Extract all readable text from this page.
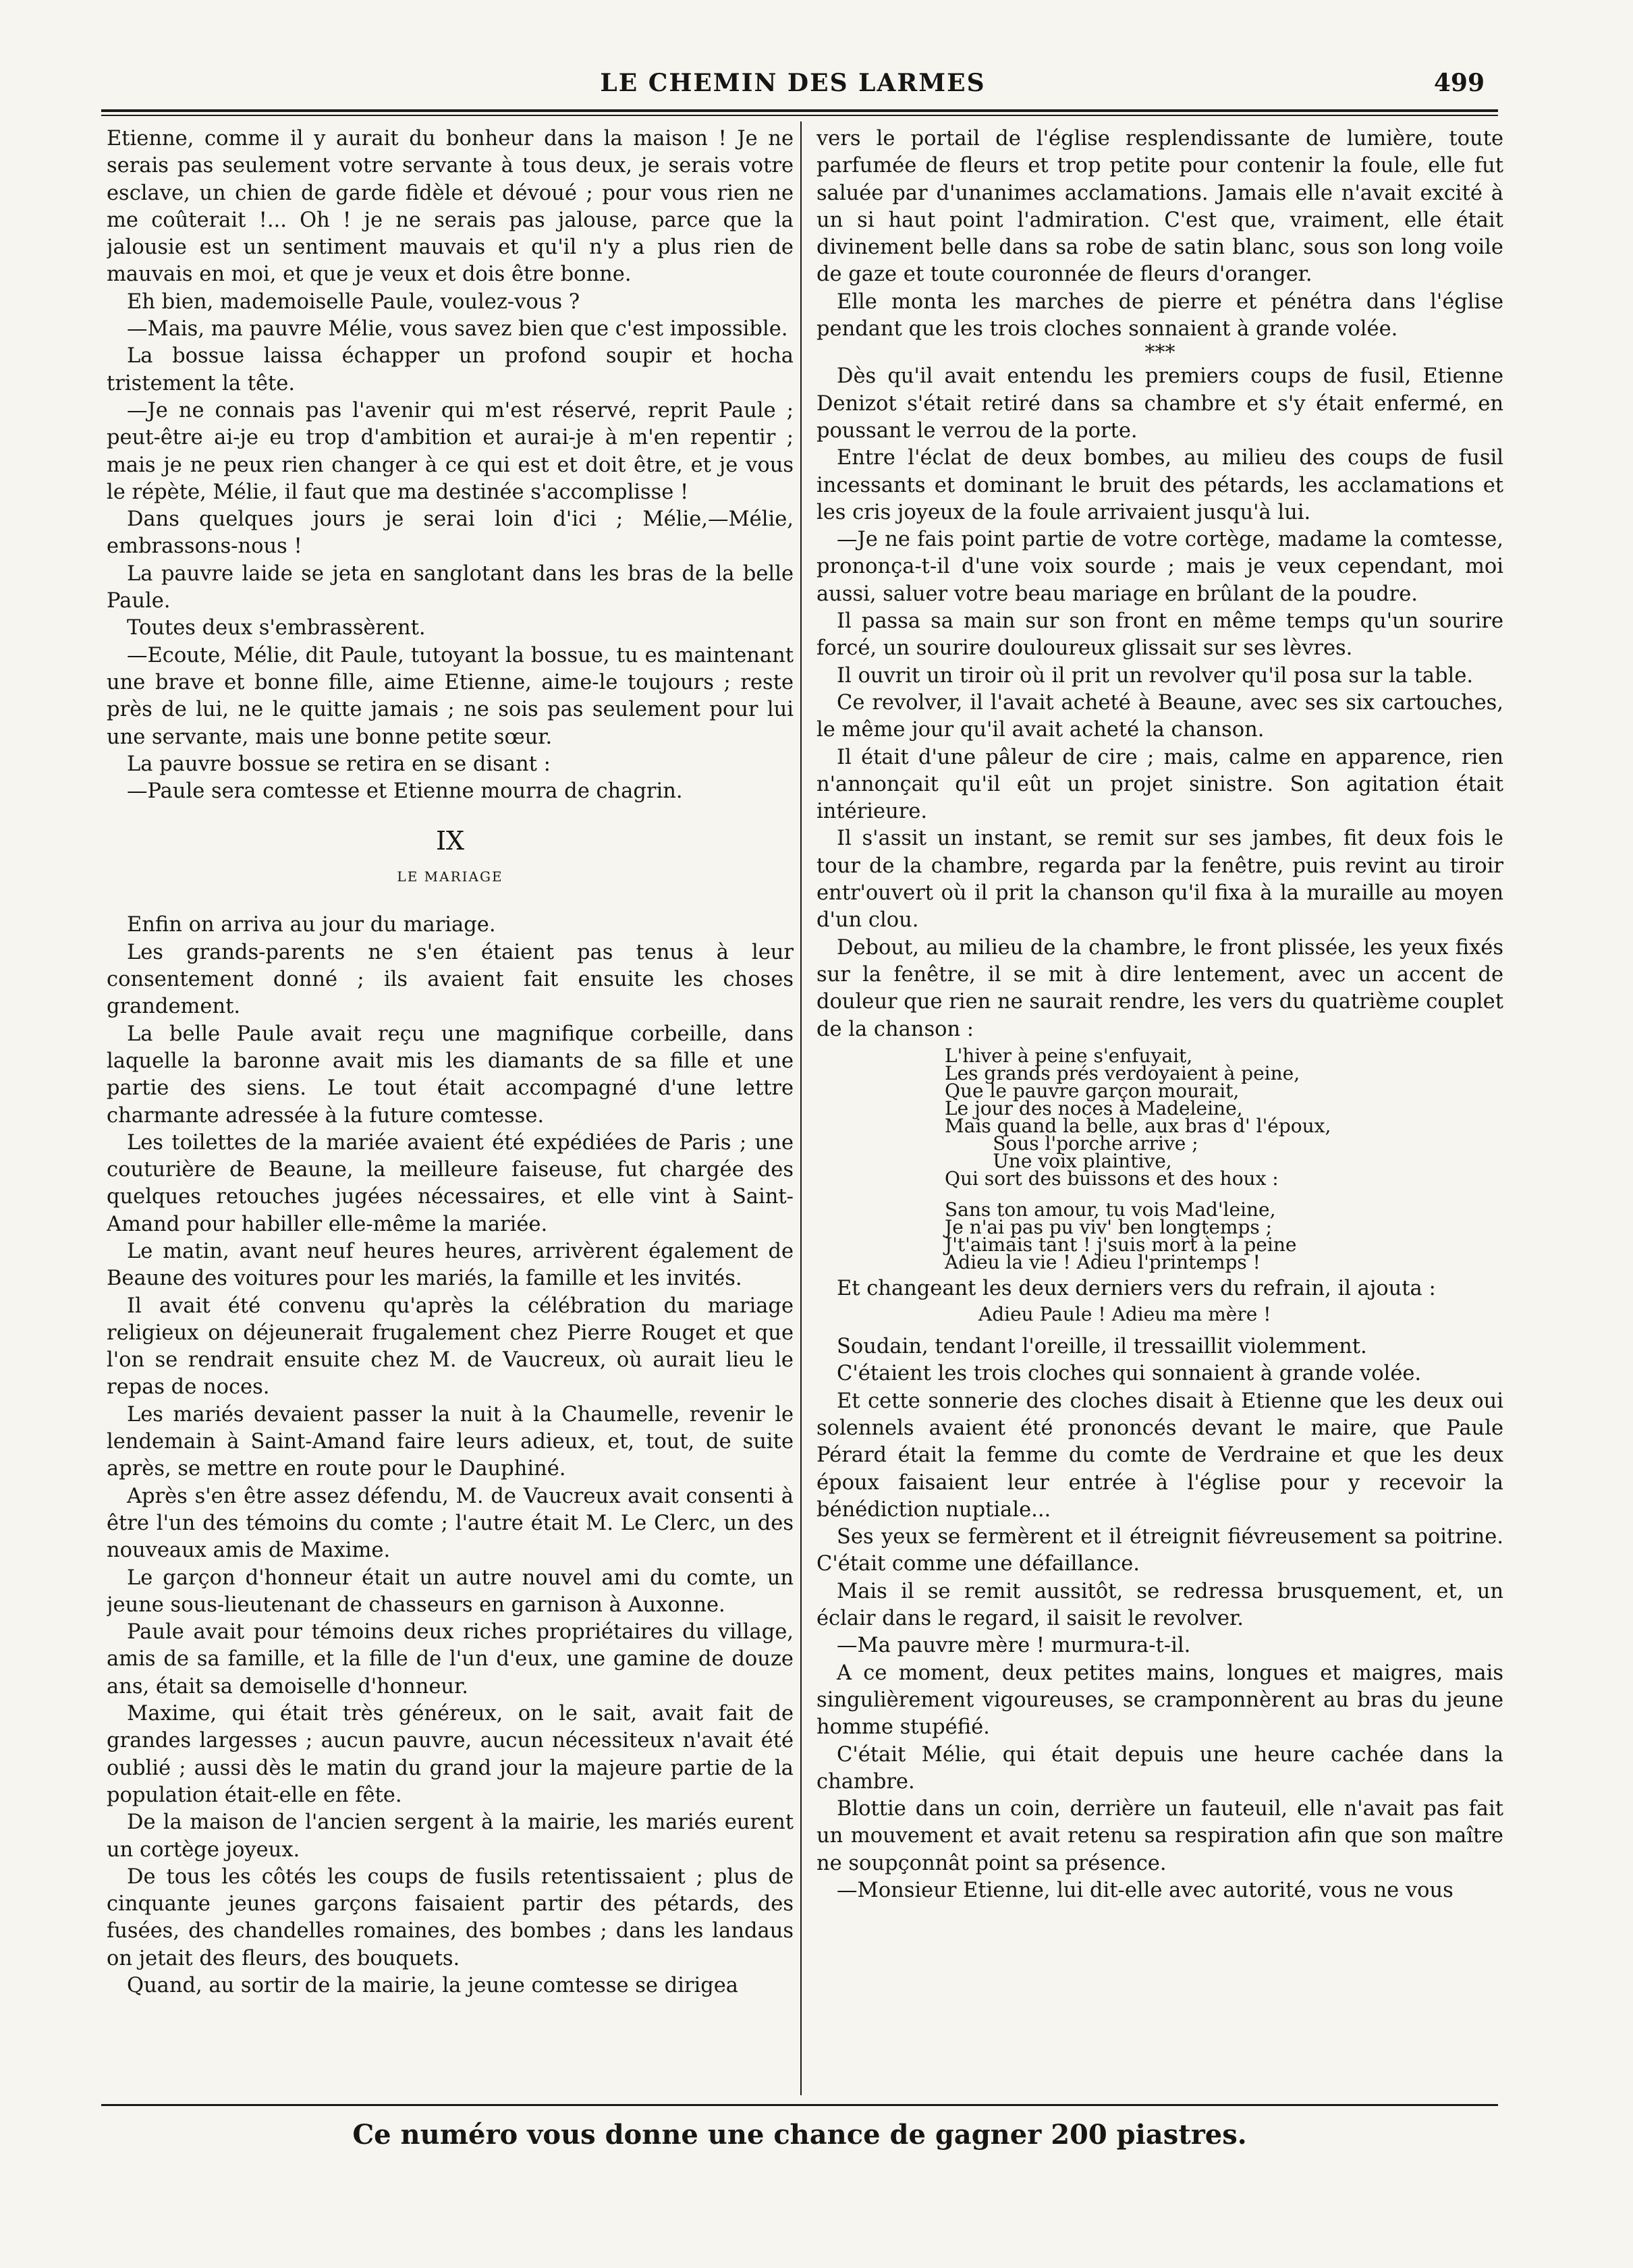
LE CHEMIN DES LARMES	499

Etienne, comme il y aurait du bonheur dans la maison ! Je ne serais pas seulement votre servante à tous deux, je serais votre esclave, un chien de garde fidèle et dévoué ; pour vous rien ne me coûterait !... Oh ! je ne serais pas jalouse, parce que la jalousie est un sentiment mauvais et qu'il n'y a plus rien de mauvais en moi, et que je veux et dois être bonne.

Eh bien, mademoiselle Paule, voulez-vous ?

—Mais, ma pauvre Mélie, vous savez bien que c'est impossible.

La bossue laissa échapper un profond soupir et hocha tristement la tête.

—Je ne connais pas l'avenir qui m'est réservé, reprit Paule ; peut-être ai-je eu trop d'ambition et aurai-je à m'en repentir ; mais je ne peux rien changer à ce qui est et doit être, et je vous le répète, Mélie, il faut que ma destinée s'accomplisse !

Dans quelques jours je serai loin d'ici ; Mélie,—Mélie, embrassons-nous !

La pauvre laide se jeta en sanglotant dans les bras de la belle Paule.

Toutes deux s'embrassèrent.

—Ecoute, Mélie, dit Paule, tutoyant la bossue, tu es maintenant une brave et bonne fille, aime Etienne, aime-le toujours ; reste près de lui, ne le quitte jamais ; ne sois pas seulement pour lui une servante, mais une bonne petite sœur.

La pauvre bossue se retira en se disant :

—Paule sera comtesse et Etienne mourra de chagrin.

IX
LE MARIAGE

Enfin on arriva au jour du mariage.

Les grands-parents ne s'en étaient pas tenus à leur consentement donné ; ils avaient fait ensuite les choses grandement.

La belle Paule avait reçu une magnifique corbeille, dans laquelle la baronne avait mis les diamants de sa fille et une partie des siens. Le tout était accompagné d'une lettre charmante adressée à la future comtesse.

Les toilettes de la mariée avaient été expédiées de Paris ; une couturière de Beaune, la meilleure faiseuse, fut chargée des quelques retouches jugées nécessaires, et elle vint à Saint-Amand pour habiller elle-même la mariée.

Le matin, avant neuf heures heures, arrivèrent également de Beaune des voitures pour les mariés, la famille et les invités.

Il avait été convenu qu'après la célébration du mariage religieux on déjeunerait frugalement chez Pierre Rouget et que l'on se rendrait ensuite chez M. de Vaucreux, où aurait lieu le repas de noces.

Les mariés devaient passer la nuit à la Chaumelle, revenir le lendemain à Saint-Amand faire leurs adieux, et, tout, de suite après, se mettre en route pour le Dauphiné.

Après s'en être assez défendu, M. de Vaucreux avait consenti à être l'un des témoins du comte ; l'autre était M. Le Clerc, un des nouveaux amis de Maxime.

Le garçon d'honneur était un autre nouvel ami du comte, un jeune sous-lieutenant de chasseurs en garnison à Auxonne.

Paule avait pour témoins deux riches propriétaires du village, amis de sa famille, et la fille de l'un d'eux, une gamine de douze ans, était sa demoiselle d'honneur.

Maxime, qui était très généreux, on le sait, avait fait de grandes largesses ; aucun pauvre, aucun nécessiteux n'avait été oublié ; aussi dès le matin du grand jour la majeure partie de la population était-elle en fête.

De la maison de l'ancien sergent à la mairie, les mariés eurent un cortège joyeux.

De tous les côtés les coups de fusils retentissaient ; plus de cinquante jeunes garçons faisaient partir des pétards, des fusées, des chandelles romaines, des bombes ; dans les landaus on jetait des fleurs, des bouquets.

Quand, au sortir de la mairie, la jeune comtesse se dirigea

vers le portail de l'église resplendissante de lumière, toute parfumée de fleurs et trop petite pour contenir la foule, elle fut saluée par d'unanimes acclamations. Jamais elle n'avait excité à un si haut point l'admiration. C'est que, vraiment, elle était divinement belle dans sa robe de satin blanc, sous son long voile de gaze et toute couronnée de fleurs d'oranger.

Elle monta les marches de pierre et pénétra dans l'église pendant que les trois cloches sonnaient à grande volée.

***

Dès qu'il avait entendu les premiers coups de fusil, Etienne Denizot s'était retiré dans sa chambre et s'y était enfermé, en poussant le verrou de la porte.

Entre l'éclat de deux bombes, au milieu des coups de fusil incessants et dominant le bruit des pétards, les acclamations et les cris joyeux de la foule arrivaient jusqu'à lui.

—Je ne fais point partie de votre cortège, madame la comtesse, prononça-t-il d'une voix sourde ; mais je veux cependant, moi aussi, saluer votre beau mariage en brûlant de la poudre.

Il passa sa main sur son front en même temps qu'un sourire forcé, un sourire douloureux glissait sur ses lèvres.

Il ouvrit un tiroir où il prit un revolver qu'il posa sur la table.

Ce revolver, il l'avait acheté à Beaune, avec ses six cartouches, le même jour qu'il avait acheté la chanson.

Il était d'une pâleur de cire ; mais, calme en apparence, rien n'annonçait qu'il eût un projet sinistre. Son agitation était intérieure.

Il s'assit un instant, se remit sur ses jambes, fit deux fois le tour de la chambre, regarda par la fenêtre, puis revint au tiroir entr'ouvert où il prit la chanson qu'il fixa à la muraille au moyen d'un clou.

Debout, au milieu de la chambre, le front plissée, les yeux fixés sur la fenêtre, il se mit à dire lentement, avec un accent de douleur que rien ne saurait rendre, les vers du quatrième couplet de la chanson :

L'hiver à peine s'enfuyait,
Les grands prés verdoyaient à peine,
Que le pauvre garçon mourait,
Le jour des noces à Madeleine,
Mais quand la belle, aux bras d' l'époux,
Sous l'porche arrive ;
Une voix plaintive,
Qui sort des buissons et des houx :
Sans ton amour, tu vois Mad'leine,
Je n'ai pas pu viv' ben longtemps ;
J't'aimais tant ! j'suis mort à la peine
Adieu la vie ! Adieu l'printemps !

Et changeant les deux derniers vers du refrain, il ajouta :

Adieu Paule ! Adieu ma mère !

Soudain, tendant l'oreille, il tressaillit violemment.

C'étaient les trois cloches qui sonnaient à grande volée.

Et cette sonnerie des cloches disait à Etienne que les deux oui solennels avaient été prononcés devant le maire, que Paule Pérard était la femme du comte de Verdraine et que les deux époux faisaient leur entrée à l'église pour y recevoir la bénédiction nuptiale...

Ses yeux se fermèrent et il étreignit fiévreusement sa poitrine. C'était comme une défaillance.

Mais il se remit aussitôt, se redressa brusquement, et, un éclair dans le regard, il saisit le revolver.

—Ma pauvre mère ! murmura-t-il.

A ce moment, deux petites mains, longues et maigres, mais singulièrement vigoureuses, se cramponnèrent au bras du jeune homme stupéfié.

C'était Mélie, qui était depuis une heure cachée dans la chambre.

Blottie dans un coin, derrière un fauteuil, elle n'avait pas fait un mouvement et avait retenu sa respiration afin que son maître ne soupçonnât point sa présence.

—Monsieur Etienne, lui dit-elle avec autorité, vous ne vous

Ce numéro vous donne une chance de gagner 200 piastres.
